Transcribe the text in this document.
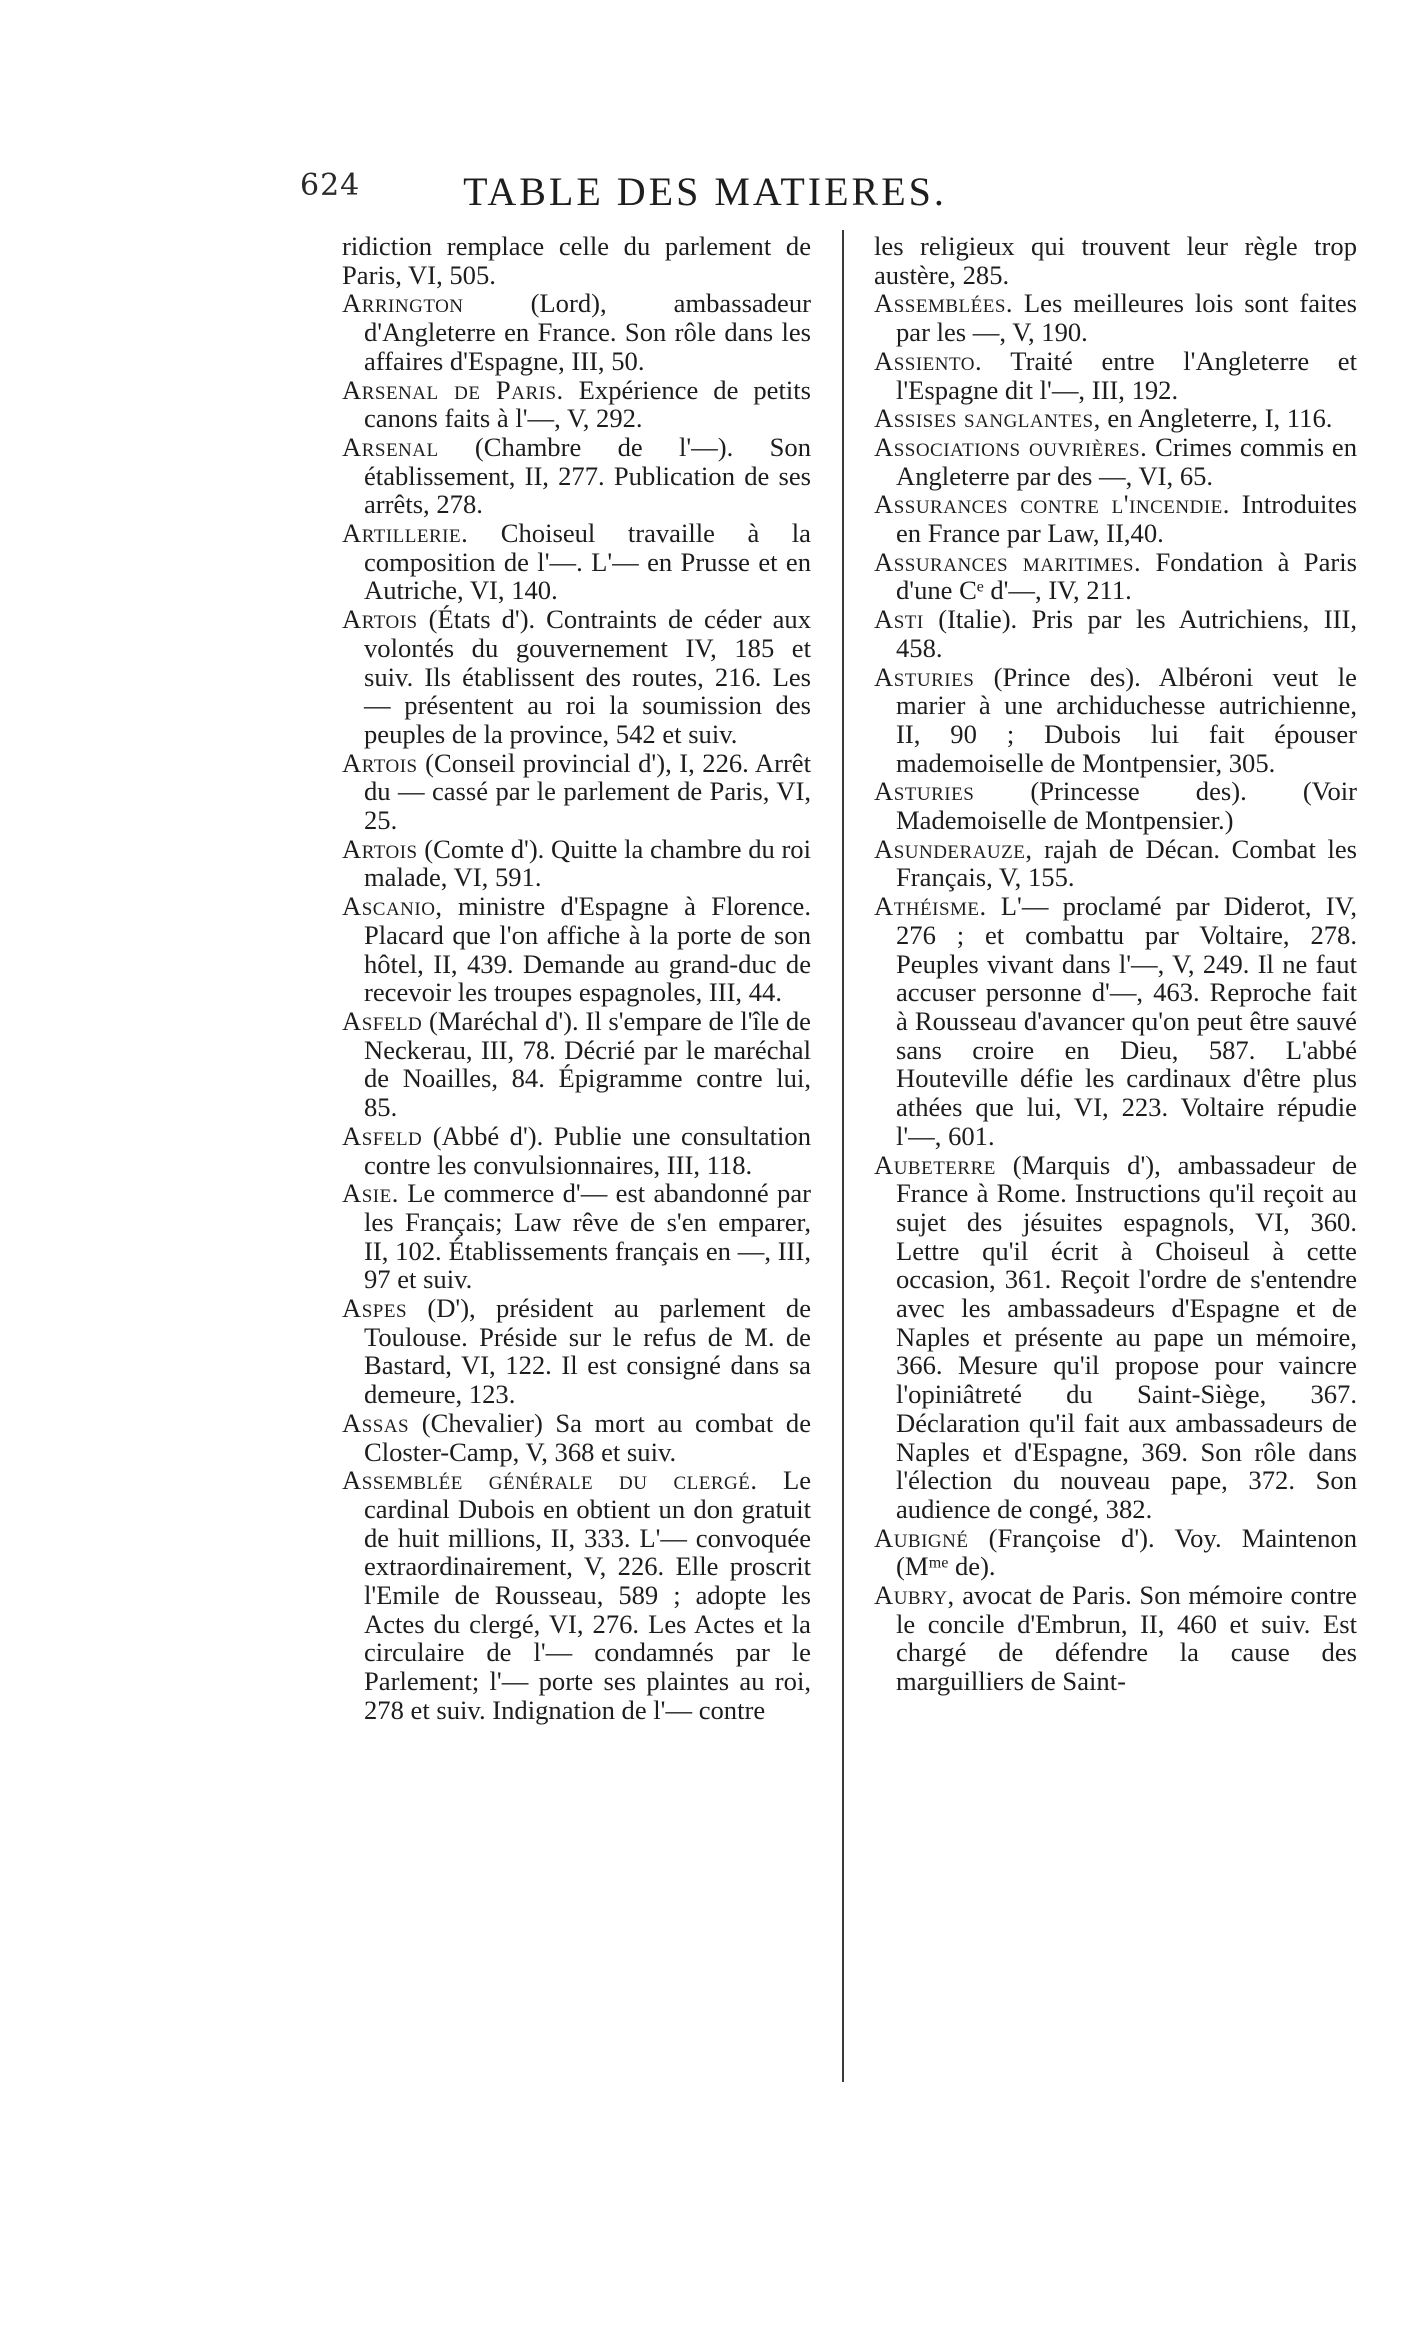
624	TABLE DES MATIERES.

ridiction remplace celle du parlement de Paris, VI, 505.

Arrington (Lord), ambassadeur d'Angleterre en France. Son rôle dans les affaires d'Espagne, III, 50.

Arsenal de Paris. Expérience de petits canons faits à l'—, V, 292.

Arsenal (Chambre de l'—). Son établissement, II, 277. Publication de ses arrêts, 278.

Artillerie. Choiseul travaille à la composition de l'—. L'— en Prusse et en Autriche, VI, 140.

Artois (États d'). Contraints de céder aux volontés du gouvernement IV, 185 et suiv. Ils établissent des routes, 216. Les — présentent au roi la soumission des peuples de la province, 542 et suiv.

Artois (Conseil provincial d'), I, 226. Arrêt du — cassé par le parlement de Paris, VI, 25.

Artois (Comte d'). Quitte la chambre du roi malade, VI, 591.

Ascanio, ministre d'Espagne à Florence. Placard que l'on affiche à la porte de son hôtel, II, 439. Demande au grand-duc de recevoir les troupes espagnoles, III, 44.

Asfeld (Maréchal d'). Il s'empare de l'île de Neckerau, III, 78. Décrié par le maréchal de Noailles, 84. Épigramme contre lui, 85.

Asfeld (Abbé d'). Publie une consultation contre les convulsionnaires, III, 118.

Asie. Le commerce d'— est abandonné par les Français; Law rêve de s'en emparer, II, 102. Établissements français en —, III, 97 et suiv.

Aspes (D'), président au parlement de Toulouse. Préside sur le refus de M. de Bastard, VI, 122. Il est consigné dans sa demeure, 123.

Assas (Chevalier) Sa mort au combat de Closter-Camp, V, 368 et suiv.

Assemblée générale du clergé. Le cardinal Dubois en obtient un don gratuit de huit millions, II, 333. L'— convoquée extraordinairement, V, 226. Elle proscrit l'Emile de Rousseau, 589 ; adopte les Actes du clergé, VI, 276. Les Actes et la circulaire de l'— condamnés par le Parlement; l'— porte ses plaintes au roi, 278 et suiv. Indignation de l'— contre

les religieux qui trouvent leur règle trop austère, 285.

Assemblées. Les meilleures lois sont faites par les —, V, 190.

Assiento. Traité entre l'Angleterre et l'Espagne dit l'—, III, 192.

Assises sanglantes, en Angleterre, I, 116.

Associations ouvrières. Crimes commis en Angleterre par des —, VI, 65.

Assurances contre l'incendie. Introduites en France par Law, II,40.

Assurances maritimes. Fondation à Paris d'une Cᵉ d'—, IV, 211.

Asti (Italie). Pris par les Autrichiens, III, 458.

Asturies (Prince des). Albéroni veut le marier à une archiduchesse autrichienne, II, 90 ; Dubois lui fait épouser mademoiselle de Montpensier, 305.

Asturies (Princesse des). (Voir Mademoiselle de Montpensier.)

Asunderauze, rajah de Décan. Combat les Français, V, 155.

Athéisme. L'— proclamé par Diderot, IV, 276 ; et combattu par Voltaire, 278. Peuples vivant dans l'—, V, 249. Il ne faut accuser personne d'—, 463. Reproche fait à Rousseau d'avancer qu'on peut être sauvé sans croire en Dieu, 587. L'abbé Houteville défie les cardinaux d'être plus athées que lui, VI, 223. Voltaire répudie l'—, 601.

Aubeterre (Marquis d'), ambassadeur de France à Rome. Instructions qu'il reçoit au sujet des jésuites espagnols, VI, 360. Lettre qu'il écrit à Choiseul à cette occasion, 361. Reçoit l'ordre de s'entendre avec les ambassadeurs d'Espagne et de Naples et présente au pape un mémoire, 366. Mesure qu'il propose pour vaincre l'opiniâtreté du Saint-Siège, 367. Déclaration qu'il fait aux ambassadeurs de Naples et d'Espagne, 369. Son rôle dans l'élection du nouveau pape, 372. Son audience de congé, 382.

Aubigné (Françoise d'). Voy. Maintenon (Mᵐᵉ de).

Aubry, avocat de Paris. Son mémoire contre le concile d'Embrun, II, 460 et suiv. Est chargé de défendre la cause des marguilliers de Saint-
